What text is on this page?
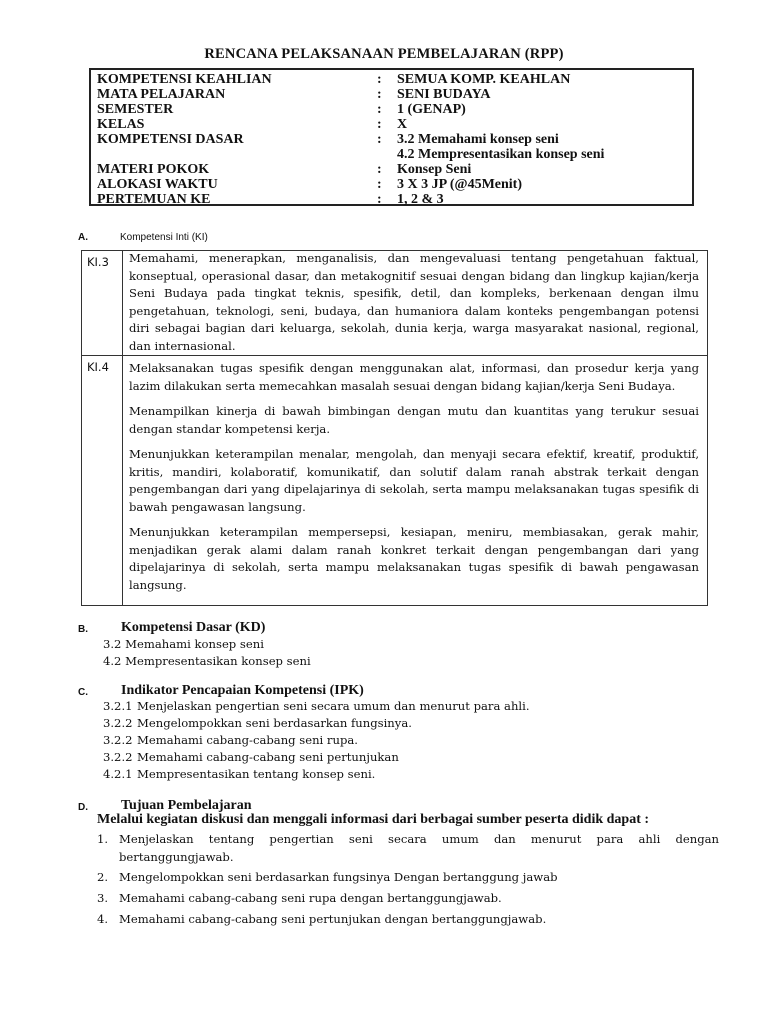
RENCANA PELAKSANAAN PEMBELAJARAN (RPP)
KOMPETENSI KEAHLIAN	: SEMUA KOMP. KEAHLAN
MATA PELAJARAN	: SENI BUDAYA
SEMESTER	: 1 (GENAP)
KELAS	: X
KOMPETENSI DASAR	: 3.2 Memahami konsep seni
4.2 Mempresentasikan konsep seni
MATERI POKOK	: Konsep Seni
ALOKASI WAKTU	: 3 X 3 JP (@45Menit)
PERTEMUAN KE	: 1, 2 & 3
A.	Kompetensi Inti (KI)
KI.3 Memahami, menerapkan, menganalisis, dan mengevaluasi tentang pengetahuan faktual, konseptual, operasional dasar, dan metakognitif sesuai dengan bidang dan lingkup kajian/kerja Seni Budaya pada tingkat teknis, spesifik, detil, dan kompleks, berkenaan dengan ilmu pengetahuan, teknologi, seni, budaya, dan humaniora dalam konteks pengembangan potensi diri sebagai bagian dari keluarga, sekolah, dunia kerja, warga masyarakat nasional, regional, dan internasional.

KI.4 Melaksanakan tugas spesifik dengan menggunakan alat, informasi, dan prosedur kerja yang lazim dilakukan serta memecahkan masalah sesuai dengan bidang kajian/kerja Seni Budaya.

Menampilkan kinerja di bawah bimbingan dengan mutu dan kuantitas yang terukur sesuai dengan standar kompetensi kerja.

Menunjukkan keterampilan menalar, mengolah, dan menyaji secara efektif, kreatif, produktif, kritis, mandiri, kolaboratif, komunikatif, dan solutif dalam ranah abstrak terkait dengan pengembangan dari yang dipelajarinya di sekolah, serta mampu melaksanakan tugas spesifik di bawah pengawasan langsung.

Menunjukkan keterampilan mempersepsi, kesiapan, meniru, membiasakan, gerak mahir, menjadikan gerak alami dalam ranah konkret terkait dengan pengembangan dari yang dipelajarinya di sekolah, serta mampu melaksanakan tugas spesifik di bawah pengawasan langsung.

B. Kompetensi Dasar (KD)
3.2 Memahami konsep seni
4.2 Mempresentasikan konsep seni
C. Indikator Pencapaian Kompetensi (IPK)
3.2.1 Menjelaskan pengertian seni secara umum dan menurut para ahli.
3.2.2 Mengelompokkan seni berdasarkan fungsinya.
3.2.2 Memahami cabang-cabang seni rupa.
3.2.2 Memahami cabang-cabang seni pertunjukan
4.2.1 Mempresentasikan tentang konsep seni.
D. Tujuan Pembelajaran
Melalui kegiatan diskusi dan menggali informasi dari berbagai sumber peserta didik dapat :
1. Menjelaskan tentang pengertian seni secara umum dan menurut para ahli dengan bertanggungjawab.
2. Mengelompokkan seni berdasarkan fungsinya Dengan bertanggung jawab
3. Memahami cabang-cabang seni rupa dengan bertanggungjawab.
4. Memahami cabang-cabang seni pertunjukan dengan bertanggungjawab.
